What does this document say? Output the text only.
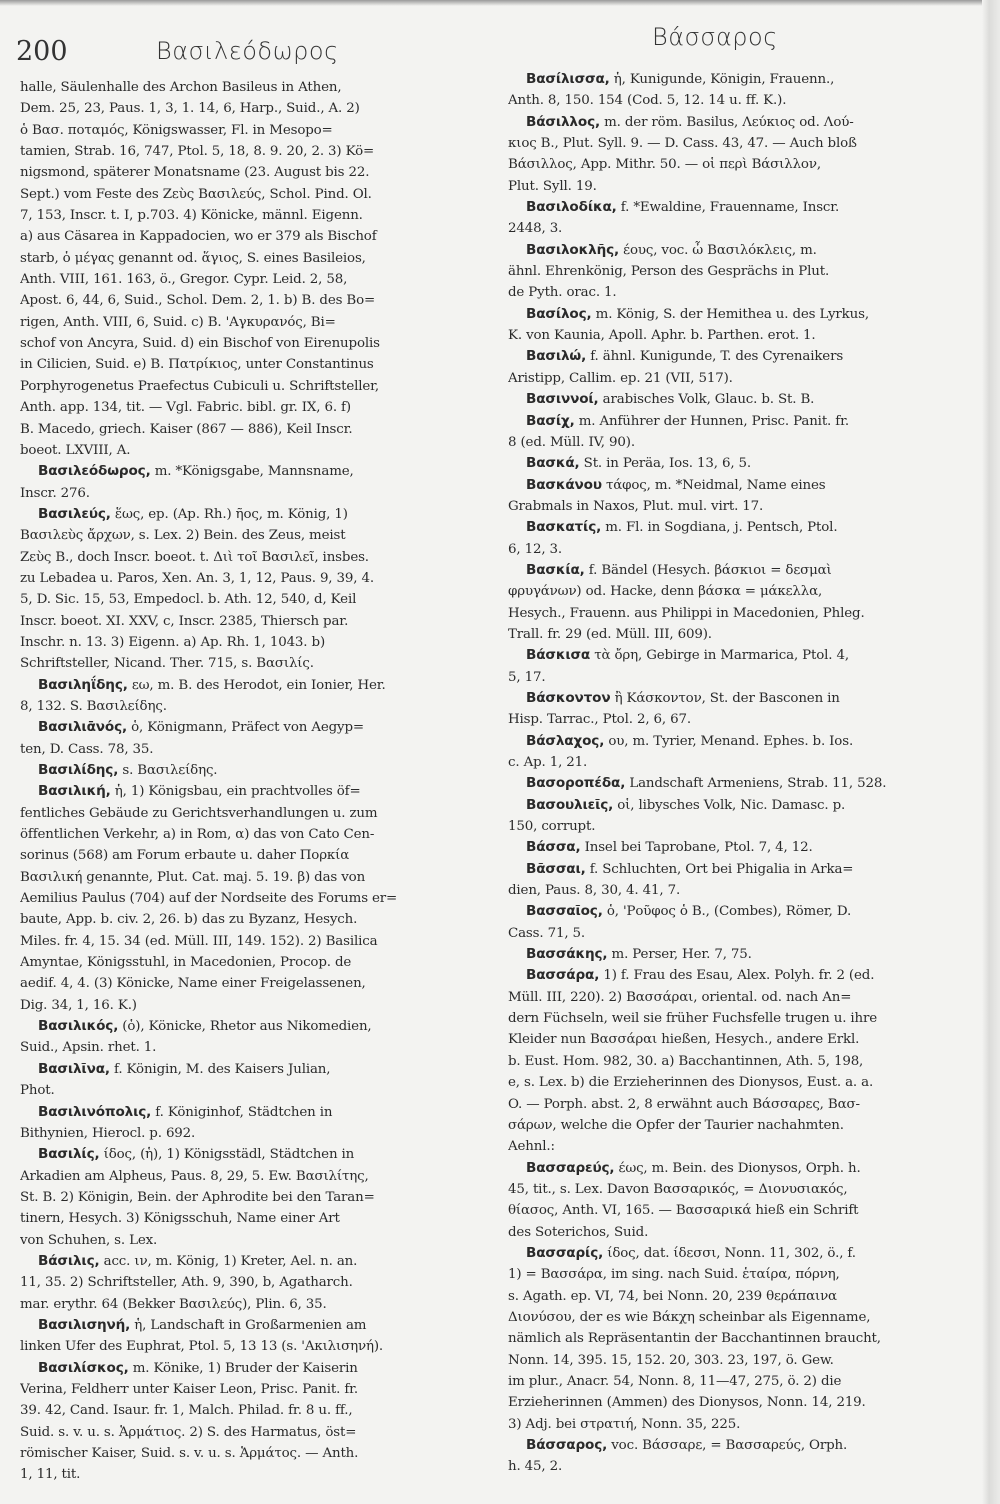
200	Βασιλεόδωρος	Βάσσαρος
halle, Säulenhalle des Archon Basileus in Athen,
Dem. 25, 23, Paus. 1, 3, 1. 14, 6, Harp., Suid., A. 2)
ὁ Βασ. ποταμός, Königswasser, Fl. in Mesopo=
tamien, Strab. 16, 747, Ptol. 5, 18, 8. 9. 20, 2. 3) Kö=
nigsmond, späterer Monatsname (23. August bis 22.
Sept.) vom Feste des Ζεὺς Βασιλεύς, Schol. Pind. Ol.
7, 153, Inscr. t. I, p.703. 4) Könicke, männl. Eigenn.
a) aus Cäsarea in Kappadocien, wo er 379 als Bischof
starb, ὁ μέγας genannt od. ἅγιος, S. eines Basileios,
Anth. VIII, 161. 163, ö., Gregor. Cypr. Leid. 2, 58,
Apost. 6, 44, 6, Suid., Schol. Dem. 2, 1. b) B. des Bo=
rigen, Anth. VIII, 6, Suid. c) B. 'Αγκυρανός, Bi=
schof von Ancyra, Suid. d) ein Bischof von Eirenupolis
in Cilicien, Suid. e) B. Πατρίκιος, unter Constantinus
Porphyrogenetus Praefectus Cubiculi u. Schriftsteller,
Anth. app. 134, tit. — Vgl. Fabric. bibl. gr. IX, 6. f)
B. Macedo, griech. Kaiser (867 — 886), Keil Inscr.
boeot. LXVIII, A.
Βασιλεόδωρος, m. *Königsgabe, Mannsname,
Inscr. 276.
Βασιλεύς, ἕως, ep. (Ap. Rh.) ῆος, m. König, 1)
Βασιλεὺς ἄρχων, s. Lex. 2) Bein. des Zeus, meist
Ζεὺς B., doch Inscr. boeot. t. Διὶ τοῖ Βασιλεῖ, insbes.
zu Lebadea u. Paros, Xen. An. 3, 1, 12, Paus. 9, 39, 4.
5, D. Sic. 15, 53, Empedocl. b. Ath. 12, 540, d, Keil
Inscr. boeot. XI. XXV, c, Inscr. 2385, Thiersch par.
Inschr. n. 13. 3) Eigenn. a) Ap. Rh. 1, 1043. b)
Schriftsteller, Nicand. Ther. 715, s. Βασιλίς.
Βασιληΐδης, εω, m. B. des Herodot, ein Ionier, Her.
8, 132. S. Βασιλείδης.
Βασιλιᾱνός, ὁ, Königmann, Präfect von Aegyp=
ten, D. Cass. 78, 35.
Βασιλίδης, s. Βασιλείδης.
Βασιλική, ἡ, 1) Königsbau, ein prachtvolles öf=
fentliches Gebäude zu Gerichtsverhandlungen u. zum
öffentlichen Verkehr, a) in Rom, α) das von Cato Cen-
sorinus (568) am Forum erbaute u. daher Πορκία
Βασιλική genannte, Plut. Cat. maj. 5. 19. β) das von
Aemilius Paulus (704) auf der Nordseite des Forums er=
baute, App. b. civ. 2, 26. b) das zu Byzanz, Hesych.
Miles. fr. 4, 15. 34 (ed. Müll. III, 149. 152). 2) Basilica
Amyntae, Königsstuhl, in Macedonien, Procop. de
aedif. 4, 4. (3) Könicke, Name einer Freigelassenen,
Dig. 34, 1, 16. K.)
Βασιλικός, (ὁ), Könicke, Rhetor aus Nikomedien,
Suid., Apsin. rhet. 1.
Βασιλῖνα, f. Königin, M. des Kaisers Julian,
Phot.
Βασιλινόπολις, f. Königinhof, Städtchen in
Bithynien, Hierocl. p. 692.
Βασιλίς, ίδος, (ἡ), 1) Königsstädl, Städtchen in
Arkadien am Alpheus, Paus. 8, 29, 5. Ew. Βασιλίτης,
St. B. 2) Königin, Bein. der Aphrodite bei den Taran=
tinern, Hesych. 3) Königsschuh, Name einer Art
von Schuhen, s. Lex.
Βάσιλις, acc. ιν, m. König, 1) Kreter, Ael. n. an.
11, 35. 2) Schriftsteller, Ath. 9, 390, b, Agatharch.
mar. erythr. 64 (Bekker Βασιλεύς), Plin. 6, 35.
Βασιλισηνή, ἡ, Landschaft in Großarmenien am
linken Ufer des Euphrat, Ptol. 5, 13 13 (s. 'Ακιλισηνή).
Βασιλίσκος, m. Könike, 1) Bruder der Kaiserin
Verina, Feldherr unter Kaiser Leon, Prisc. Panit. fr.
39. 42, Cand. Isaur. fr. 1, Malch. Philad. fr. 8 u. ff.,
Suid. s. v. u. s. Ἁρμάτιος. 2) S. des Harmatus, öst=
römischer Kaiser, Suid. s. v. u. s. Ἁρμάτος. — Anth.
1, 11, tit.
Βασίλισσα, ἡ, Kunigunde, Königin, Frauenn.,
Anth. 8, 150. 154 (Cod. 5, 12. 14 u. ff. K.).
Βάσιλλος, m. der röm. Basilus, Λεύκιος od. Λού-
κιος B., Plut. Syll. 9. — D. Cass. 43, 47. — Auch bloß
Βάσιλλος, App. Mithr. 50. — οἱ περὶ Βάσιλλον,
Plut. Syll. 19.
Βασιλοδίκα, f. *Ewaldine, Frauenname, Inscr.
2448, 3.
Βασιλοκλῆς, έους, voc. ὦ Βασιλόκλεις, m.
ähnl. Ehrenkönig, Person des Gesprächs in Plut.
de Pyth. orac. 1.
Βασίλος, m. König, S. der Hemithea u. des Lyrkus,
K. von Kaunia, Apoll. Aphr. b. Parthen. erot. 1.
Βασιλώ, f. ähnl. Kunigunde, T. des Cyrenaikers
Aristipp, Callim. ep. 21 (VII, 517).
Βασιννοί, arabisches Volk, Glauc. b. St. B.
Βασίχ, m. Anführer der Hunnen, Prisc. Panit. fr.
8 (ed. Müll. IV, 90).
Βασκά, St. in Peräa, Ios. 13, 6, 5.
Βασκάνου τάφος, m. *Neidmal, Name eines
Grabmals in Naxos, Plut. mul. virt. 17.
Βασκατίς, m. Fl. in Sogdiana, j. Pentsch, Ptol.
6, 12, 3.
Βασκία, f. Bändel (Hesych. βάσκιοι = δεσμαὶ
φρυγάνων) od. Hacke, denn βάσκα = μάκελλα,
Hesych., Frauenn. aus Philippi in Macedonien, Phleg.
Trall. fr. 29 (ed. Müll. III, 609).
Βάσκισα τὰ ὄρη, Gebirge in Marmarica, Ptol. 4,
5, 17.
Βάσκοντον ἢ Κάσκοντον, St. der Basconen in
Hisp. Tarrac., Ptol. 2, 6, 67.
Βάσλαχος, ου, m. Tyrier, Menand. Ephes. b. Ios.
c. Ap. 1, 21.
Βασοροπέδα, Landschaft Armeniens, Strab. 11, 528.
Βασουλιεῖς, οἱ, libysches Volk, Nic. Damasc. p.
150, corrupt.
Βάσσα, Insel bei Taprobane, Ptol. 7, 4, 12.
Βᾶσσαι, f. Schluchten, Ort bei Phigalia in Arka=
dien, Paus. 8, 30, 4. 41, 7.
Βασσαῖος, ὁ, 'Ροῦφος ὁ B., (Combes), Römer, D.
Cass. 71, 5.
Βασσάκης, m. Perser, Her. 7, 75.
Βασσάρα, 1) f. Frau des Esau, Alex. Polyh. fr. 2 (ed.
Müll. III, 220). 2) Βασσάραι, oriental. od. nach An=
dern Füchseln, weil sie früher Fuchsfelle trugen u. ihre
Kleider nun Βασσάραι hießen, Hesych., andere Erkl.
b. Eust. Hom. 982, 30. a) Bacchantinnen, Ath. 5, 198,
e, s. Lex. b) die Erzieherinnen des Dionysos, Eust. a. a.
O. — Porph. abst. 2, 8 erwähnt auch Βάσσαρες, Βασ-
σάρων, welche die Opfer der Taurier nachahmten.
Aehnl.:
Βασσαρεύς, έως, m. Bein. des Dionysos, Orph. h.
45, tit., s. Lex. Davon Βασσαρικός, = Διονυσιακός,
θίασος, Anth. VI, 165. — Βασσαρικά hieß ein Schrift
des Soterichos, Suid.
Βασσαρίς, ίδος, dat. ίδεσσι, Nonn. 11, 302, ö., f.
1) = Βασσάρα, im sing. nach Suid. ἑταίρα, πόρνη,
s. Agath. ep. VI, 74, bei Nonn. 20, 239 θεράπαινα
Διονύσου, der es wie Βάκχη scheinbar als Eigenname,
nämlich als Repräsentantin der Bacchantinnen braucht,
Nonn. 14, 395. 15, 152. 20, 303. 23, 197, ö. Gew.
im plur., Anacr. 54, Nonn. 8, 11—47, 275, ö. 2) die
Erzieherinnen (Ammen) des Dionysos, Nonn. 14, 219.
3) Adj. bei στρατιή, Nonn. 35, 225.
Βάσσαρος, voc. Βάσσαρε, = Βασσαρεύς, Orph.
h. 45, 2.
